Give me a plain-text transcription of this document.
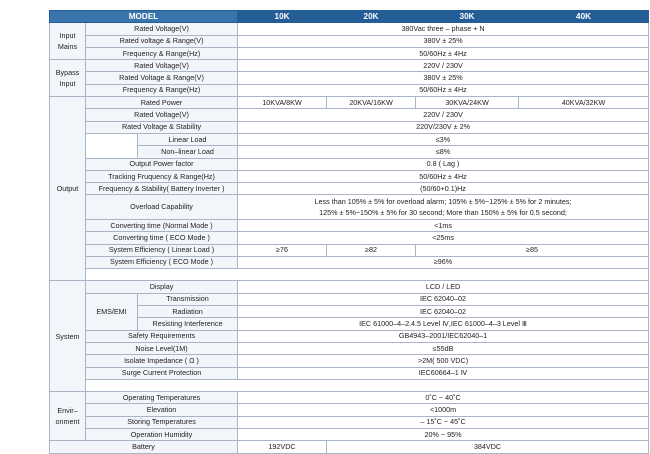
MODEL			10K	20K	30K	40K
Input
Mains	Rated Voltage(V)		380Vac three – phase + N			
	Rated voltage & Range(V)		380V ± 25%			
	Frequency & Range(Hz)		50/60Hz ± 4Hz			
Bypass
Input	Rated Voltage(V)		220V / 230V			
	Rated Voltage & Range(V)		380V ± 25%			
	Frequency & Range(Hz)		50/60Hz ± 4Hz			
Output	Rated Power		10KVA/8KW	20KVA/16KW	30KVA/24KW	40KVA/32KW
	Rated Voltage(V)		220V / 230V			
	Rated Voltage & Stability		220V/230V ± 2%			
		Linear Load	≤3%			
		Non–linear Load	≤8%			
	Output Power factor		0.8 ( Lag )			
	Tracking Fruquency & Range(Hz)		50/60Hz ± 4Hz			
	Frequency & Stability( Battery Inverter )		(50/60+0.1)Hz			
	Overload Capability		Less than 105% ± 5% for overload alarm; 105% ± 5%~125% ± 5% for 2 minutes;
125% ± 5%~150% ± 5% for 30 second; More than 150% ± 5% for 0.5 second;			

	Converting time (Normal Mode )		<1ms			
	Converting time ( ECO Mode )		<25ms			
	System Efficiency ( Linear Load )		≥76	≥82	≥85	
	System Efficiency ( ECO Mode )		≥96%			

System	Display		LCD / LED			
	EMS/EMI	Transmission	IEC 62040–02			
		Radiation	IEC 62040–02			
		Resisting Interference	IEC 61000–4–2.4.5 Level Ⅳ,IEC 61000–4–3 Level Ⅲ			
	Safety Requirements		GB4943–2001/IEC62040–1			
	Noise Level(1M)		≤55dB			
	Isolate Impedance ( Ω )		>2M( 500 VDC)			
	Surge Current Protection		IEC60664–1 Ⅳ			

Envir–
onment	Operating Temperatures		0˚C ~ 40˚C			
	Elevation		<1000m			
	Storing Temperatures		– 15˚C ~ 45˚C			
	Operation Humidity		20% ~ 95%			
Battery			192VDC	384VDC		
